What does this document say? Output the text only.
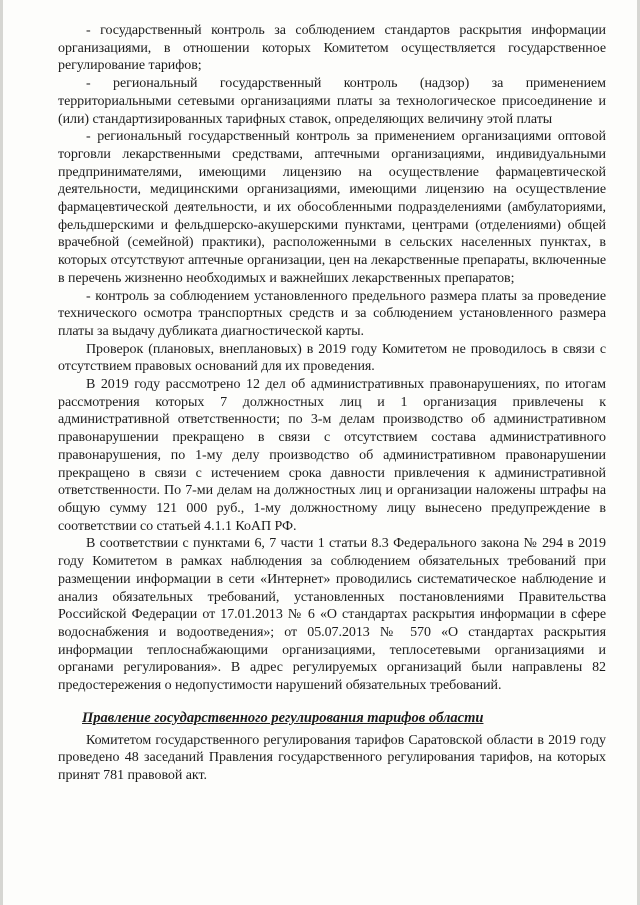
- государственный контроль за соблюдением стандартов раскрытия информации организациями, в отношении которых Комитетом осуществляется государственное регулирование тарифов;

- региональный государственный контроль (надзор) за применением территориальными сетевыми организациями платы за технологическое присоединение и (или) стандартизированных тарифных ставок, определяющих величину этой платы

- региональный государственный контроль за применением организациями оптовой торговли лекарственными средствами, аптечными организациями, индивидуальными предпринимателями, имеющими лицензию на осуществление фармацевтической деятельности, медицинскими организациями, имеющими лицензию на осуществление фармацевтической деятельности, и их обособленными подразделениями (амбулаториями, фельдшерскими и фельдшерско-акушерскими пунктами, центрами (отделениями) общей врачебной (семейной) практики), расположенными в сельских населенных пунктах, в которых отсутствуют аптечные организации, цен на лекарственные препараты, включенные в перечень жизненно необходимых и важнейших лекарственных препаратов;

- контроль за соблюдением установленного предельного размера платы за проведение технического осмотра транспортных средств и за соблюдением установленного размера платы за выдачу дубликата диагностической карты.

Проверок (плановых, внеплановых) в 2019 году Комитетом не проводилось в связи с отсутствием правовых оснований для их проведения.

В 2019 году рассмотрено 12 дел об административных правонарушениях, по итогам рассмотрения которых 7 должностных лиц и 1 организация привлечены к административной ответственности; по 3-м делам производство об административном правонарушении прекращено в связи с отсутствием состава административного правонарушения, по 1-му делу производство об административном правонарушении прекращено в связи с истечением срока давности привлечения к административной ответственности. По 7-ми делам на должностных лиц и организации наложены штрафы на общую сумму 121 000 руб., 1-му должностному лицу вынесено предупреждение в соответствии со статьей 4.1.1 КоАП РФ.

В соответствии с пунктами 6, 7 части 1 статьи 8.3 Федерального закона № 294 в 2019 году Комитетом в рамках наблюдения за соблюдением обязательных требований при размещении информации в сети «Интернет» проводились систематическое наблюдение и анализ обязательных требований, установленных постановлениями Правительства Российской Федерации от 17.01.2013 № 6 «О стандартах раскрытия информации в сфере водоснабжения и водоотведения»; от 05.07.2013 № 570 «О стандартах раскрытия информации теплоснабжающими организациями, теплосетевыми организациями и органами регулирования». В адрес регулируемых организаций были направлены 82 предостережения о недопустимости нарушений обязательных требований.

Правление государственного регулирования тарифов области

Комитетом государственного регулирования тарифов Саратовской области в 2019 году проведено 48 заседаний Правления государственного регулирования тарифов, на которых принят 781 правовой акт.
